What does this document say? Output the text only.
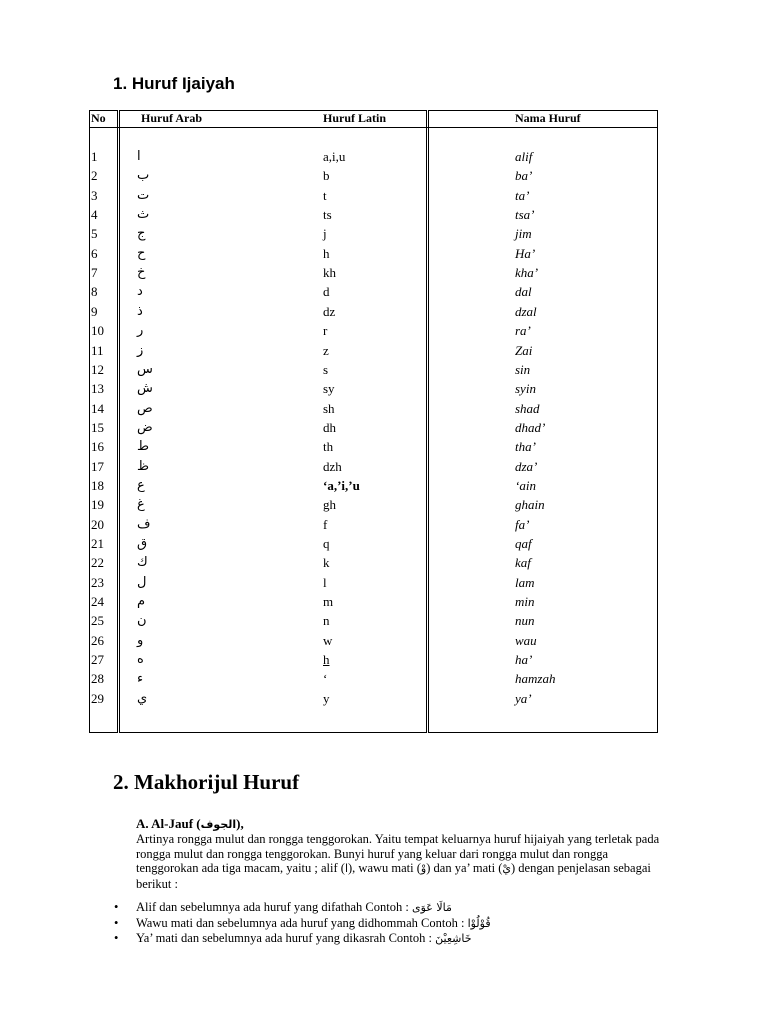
1. Huruf Ijaiyah
No	Huruf Arab	Huruf Latin	Nama Huruf
1	ا	a,i,u	alif
2	ب	b	ba’
3	ت	t	ta’
4	ث	ts	tsa’
5	ج	j	jim
6	ح	h	Ha’
7	خ	kh	kha’
8	د	d	dal
9	ذ	dz	dzal
10	ر	r	ra’
11	ز	z	Zai
12	س	s	sin
13	ش	sy	syin
14	ص	sh	shad
15	ض	dh	dhad’
16	ط	th	tha’
17	ظ	dzh	dza’
18	ع	‘a,’i,’u	‘ain
19	غ	gh	ghain
20	ف	f	fa’
21	ق	q	qaf
22	ك	k	kaf
23	ل	l	lam
24	م	m	min
25	ن	n	nun
26	و	w	wau
27	ه	h	ha’
28	ء	‘	hamzah
29	ي	y	ya’
2. Makhorijul Huruf
A. Al-Jauf (الجوف),
Artinya rongga mulut dan rongga tenggorokan. Yaitu tempat keluarnya huruf hijaiyah yang terletak pada rongga mulut dan rongga tenggorokan. Bunyi huruf yang keluar dari rongga mulut dan rongga tenggorokan ada tiga macam, yaitu ; alif (ا), wawu mati (وْ) dan ya’ mati (يْ) dengan penjelasan sebagai berikut :
• Alif dan sebelumnya ada huruf yang difathah Contoh : مَالَا عَوَى
• Wawu mati dan sebelumnya ada huruf yang didhommah Contoh : قُوْلُوْا
• Ya’ mati dan sebelumnya ada huruf yang dikasrah Contoh : خَاشِعِيْنَ
